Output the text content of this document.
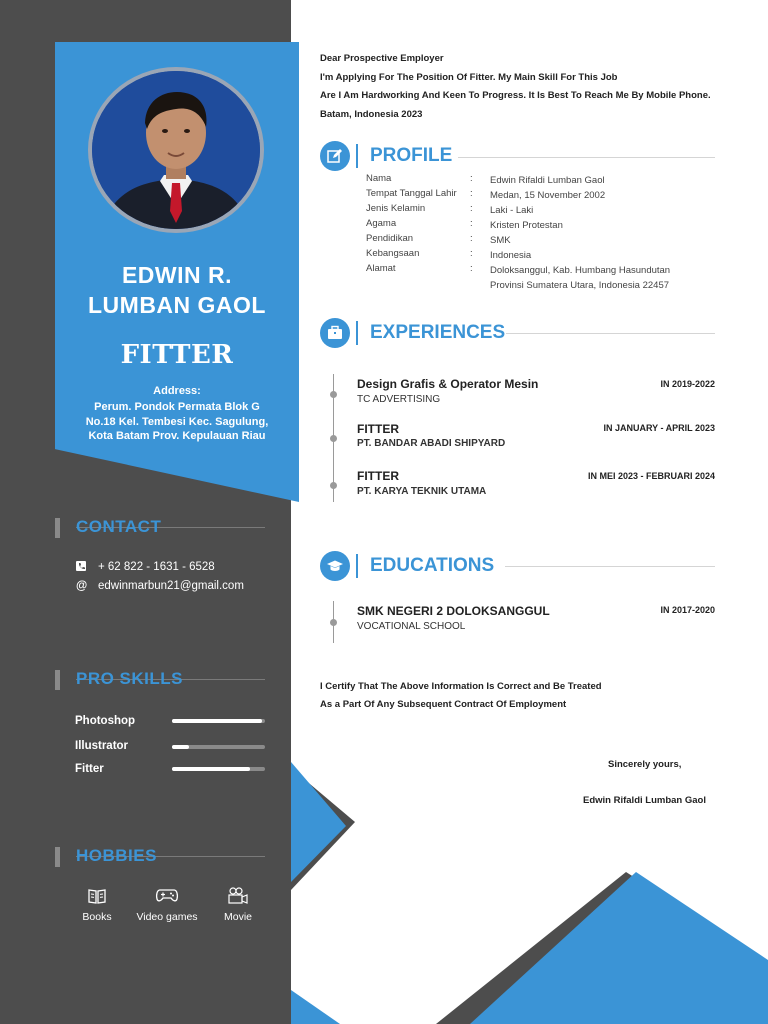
EDWIN R.
LUMBAN GAOL
FITTER
Address:
Perum. Pondok Permata Blok G No.18 Kel. Tembesi Kec. Sagulung, Kota Batam Prov. Kepulauan Riau
CONTACT
+ 62 822 - 1631 - 6528
@ edwinmarbun21@gmail.com
PRO SKILLS
Photoshop
Illustrator
Fitter
HOBBIES
Books	Video games	Movie
Dear Prospective Employer
I'm Applying For The Position Of Fitter. My Main Skill For This Job
Are I Am Hardworking And Keen To Progress. It Is Best To Reach Me By Mobile Phone.
Batam, Indonesia 2023
PROFILE
Nama	: Edwin Rifaldi Lumban Gaol
Tempat Tanggal Lahir	: Medan, 15 November 2002
Jenis Kelamin	: Laki - Laki
Agama	: Kristen Protestan
Pendidikan	: SMK
Kebangsaan	: Indonesia
Alamat	: Doloksanggul, Kab. Humbang Hasundutan Provinsi Sumatera Utara, Indonesia 22457
EXPERIENCES
Design Grafis & Operator Mesin
TC ADVERTISING
IN 2019-2022
FITTER
PT. BANDAR ABADI SHIPYARD
IN JANUARY - APRIL 2023
FITTER
PT. KARYA TEKNIK UTAMA
IN MEI 2023 - FEBRUARI 2024
EDUCATIONS
SMK NEGERI 2 DOLOKSANGGUL
VOCATIONAL SCHOOL
IN 2017-2020
I Certify That The Above Information Is Correct and Be Treated
As a Part Of Any Subsequent Contract Of Employment
Sincerely yours,
Edwin Rifaldi Lumban Gaol
